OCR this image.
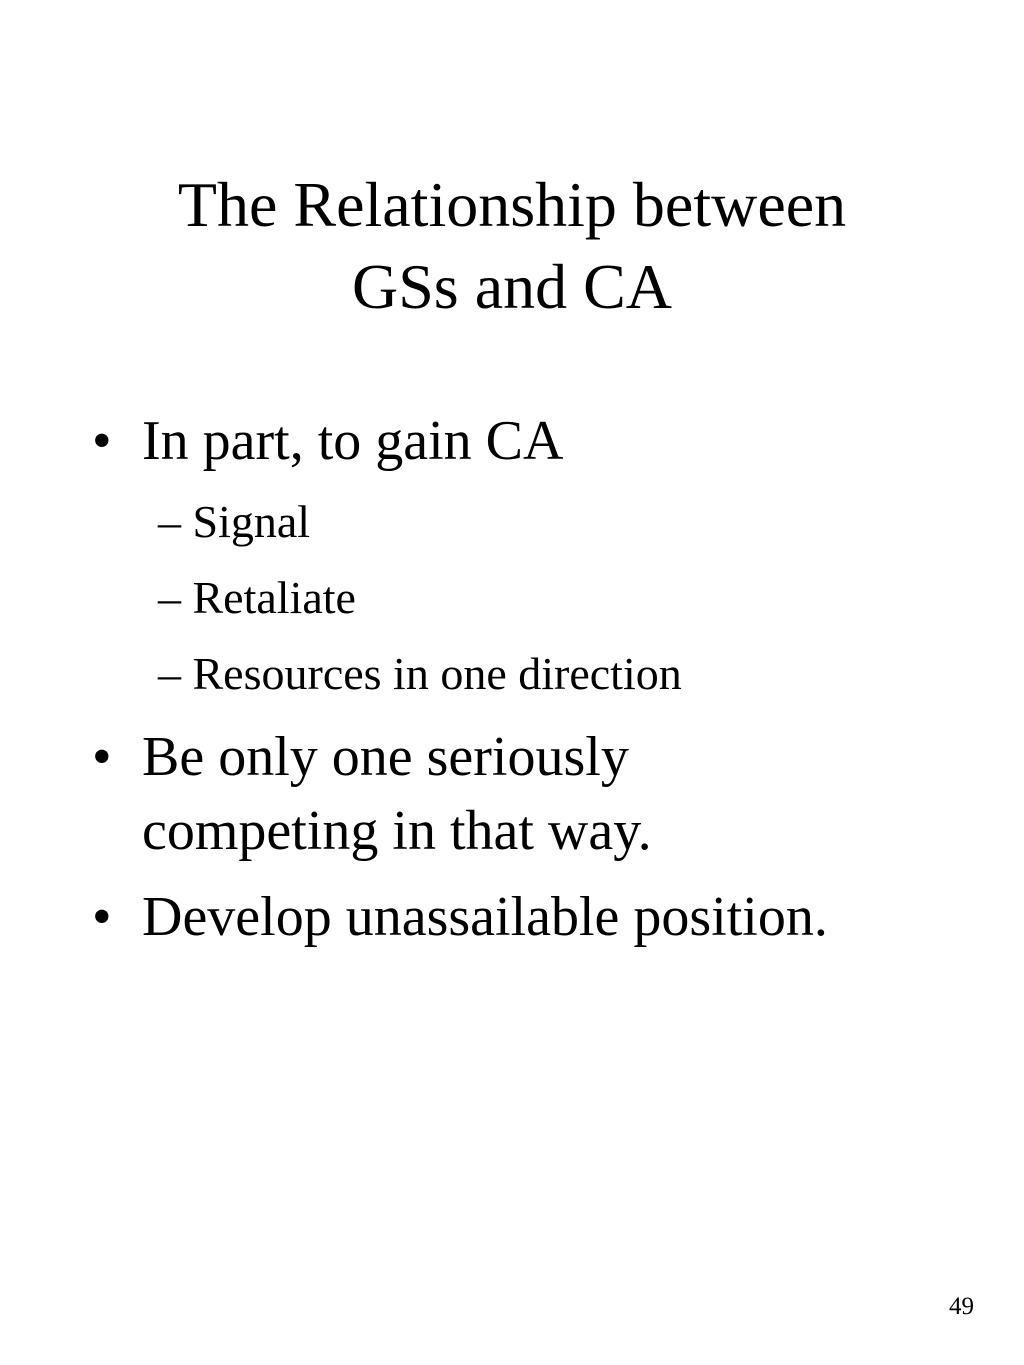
The Relationship between
GSs and CA
• In part, to gain CA
– Signal
– Retaliate
– Resources in one direction
• Be only one seriously
competing in that way.
• Develop unassailable position.
49
